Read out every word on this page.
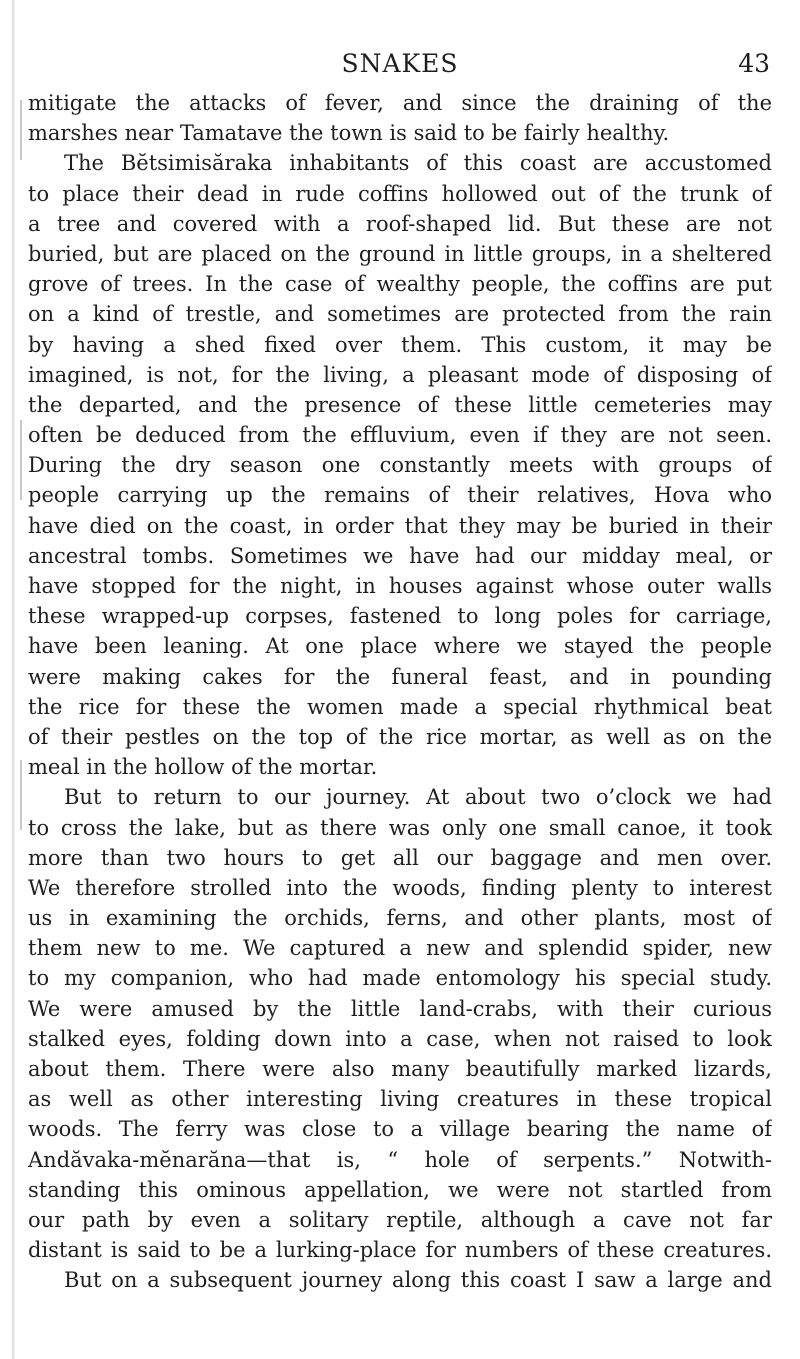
SNAKES	43
mitigate the attacks of fever, and since the draining of the
marshes near Tamatave the town is said to be fairly healthy.
The Bĕtsimisăraka inhabitants of this coast are accustomed
to place their dead in rude coffins hollowed out of the trunk of
a tree and covered with a roof-shaped lid. But these are not
buried, but are placed on the ground in little groups, in a sheltered
grove of trees. In the case of wealthy people, the coffins are put
on a kind of trestle, and sometimes are protected from the rain
by having a shed fixed over them. This custom, it may be
imagined, is not, for the living, a pleasant mode of disposing of
the departed, and the presence of these little cemeteries may
often be deduced from the effluvium, even if they are not seen.
During the dry season one constantly meets with groups of
people carrying up the remains of their relatives, Hova who
have died on the coast, in order that they may be buried in their
ancestral tombs. Sometimes we have had our midday meal, or
have stopped for the night, in houses against whose outer walls
these wrapped-up corpses, fastened to long poles for carriage,
have been leaning. At one place where we stayed the people
were making cakes for the funeral feast, and in pounding
the rice for these the women made a special rhythmical beat
of their pestles on the top of the rice mortar, as well as on the
meal in the hollow of the mortar.
But to return to our journey. At about two o’clock we had
to cross the lake, but as there was only one small canoe, it took
more than two hours to get all our baggage and men over.
We therefore strolled into the woods, finding plenty to interest
us in examining the orchids, ferns, and other plants, most of
them new to me. We captured a new and splendid spider, new
to my companion, who had made entomology his special study.
We were amused by the little land-crabs, with their curious
stalked eyes, folding down into a case, when not raised to look
about them. There were also many beautifully marked lizards,
as well as other interesting living creatures in these tropical
woods. The ferry was close to a village bearing the name of
Andăvaka-mĕnarăna—that is, “ hole of serpents.” Notwith-
standing this ominous appellation, we were not startled from
our path by even a solitary reptile, although a cave not far
distant is said to be a lurking-place for numbers of these creatures.
But on a subsequent journey along this coast I saw a large and
